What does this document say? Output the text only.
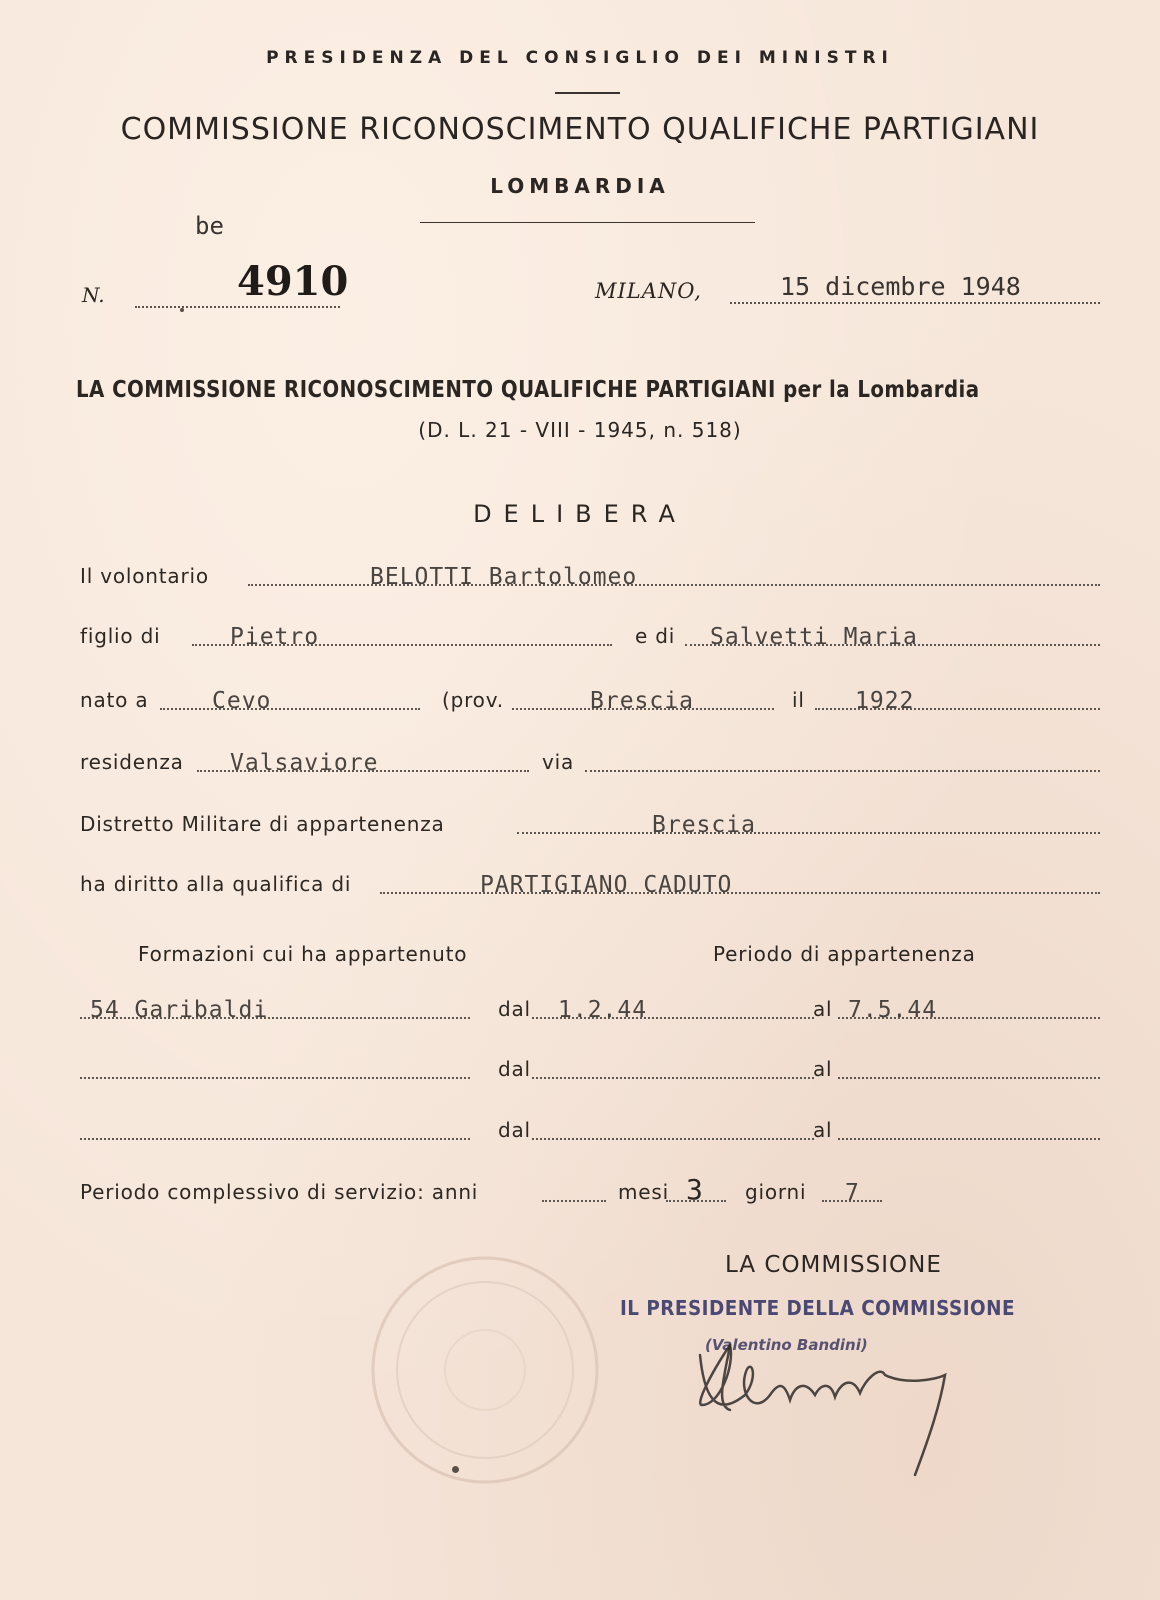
PRESIDENZA DEL CONSIGLIO DEI MINISTRI
COMMISSIONE RICONOSCIMENTO QUALIFICHE PARTIGIANI
LOMBARDIA
be
N.	4910	MILANO,	15 dicembre 1948
LA COMMISSIONE RICONOSCIMENTO QUALIFICHE PARTIGIANI per la Lombardia
(D. L. 21 - VIII - 1945, n. 518)
DELIBERA
Il volontario	BELOTTI Bartolomeo
figlio di	Pietro	e di Salvetti Maria
nato a	Cevo	(prov.	Brescia	il 1922
residenza Valsaviore	via
Distretto Militare di appartenenza	Brescia
ha diritto alla qualifica di	PARTIGIANO CADUTO
Formazioni cui ha appartenuto	Periodo di appartenenza
54 Garibaldi	dal 1.2.44	al 7.5.44
dal	al
dal	al
Periodo complessivo di servizio: anni	mesi 3 giorni 7
LA COMMISSIONE
IL PRESIDENTE DELLA COMMISSIONE
(Valentino Bandini)
